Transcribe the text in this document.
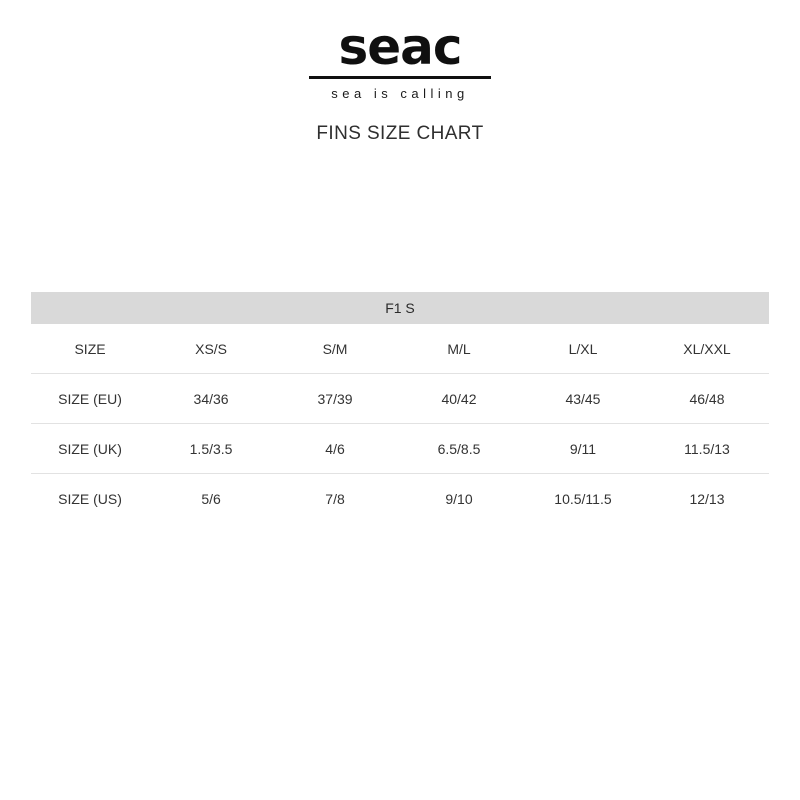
seac
sea is calling
FINS SIZE CHART
F1 S					
SIZE	XS/S	S/M	M/L	L/XL	XL/XXL
SIZE (EU)	34/36	37/39	40/42	43/45	46/48
SIZE (UK)	1.5/3.5	4/6	6.5/8.5	9/11	11.5/13
SIZE (US)	5/6	7/8	9/10	10.5/11.5	12/13
